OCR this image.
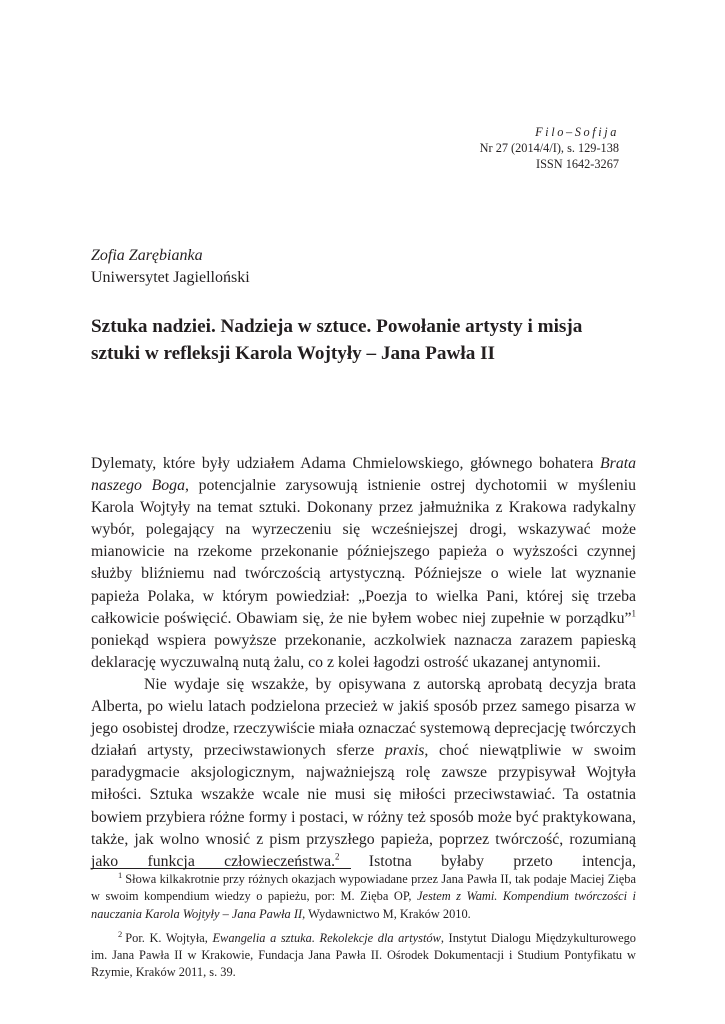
Filo–Sofija
Nr 27 (2014/4/I), s. 129-138
ISSN 1642-3267
Zofia Zarębianka
Uniwersytet Jagielloński
Sztuka nadziei. Nadzieja w sztuce. Powołanie artysty i misja
sztuki w refleksji Karola Wojtyły – Jana Pawła II

Dylematy, które były udziałem Adama Chmielowskiego, głównego bohatera Brata naszego Boga, potencjalnie zarysowują istnienie ostrej dychotomii w myśleniu Karola Wojtyły na temat sztuki. Dokonany przez jałmużnika z Krakowa radykalny wybór, polegający na wyrzeczeniu się wcześniejszej drogi, wskazywać może mianowicie na rzekome przekonanie późniejszego papieża o wyższości czynnej służby bliźniemu nad twórczością artystyczną. Późniejsze o wiele lat wyznanie papieża Polaka, w którym powiedział: „Poezja to wielka Pani, której się trzeba całkowicie poświęcić. Obawiam się, że nie byłem wobec niej zupełnie w porządku”$^1$ poniekąd wspiera powyższe przekonanie, aczkolwiek naznacza zarazem papieską deklarację wyczuwalną nutą żalu, co z kolei łagodzi ostrość ukazanej antynomii.

Nie wydaje się wszakże, by opisywana z autorską aprobatą decyzja brata Alberta, po wielu latach podzielona przecież w jakiś sposób przez samego pisarza w jego osobistej drodze, rzeczywiście miała oznaczać systemową deprecjację twórczych działań artysty, przeciwstawionych sferze praxis, choć niewątpliwie w swoim paradygmacie aksjologicznym, najważniejszą rolę zawsze przypisywał Wojtyła miłości. Sztuka wszakże wcale nie musi się miłości przeciwstawiać. Ta ostatnia bowiem przybiera różne formy i postaci, w różny też sposób może być praktykowana, także, jak wolno wnosić z pism przyszłego papieża, poprzez twórczość, rozumianą jako funkcja człowieczeństwa.$^2$ Istotna byłaby przeto intencja,

$^1$ Słowa kilkakrotnie przy różnych okazjach wypowiadane przez Jana Pawła II, tak podaje Maciej Zięba w swoim kompendium wiedzy o papieżu, por: M. Zięba OP, Jestem z Wami. Kompendium twórczości i nauczania Karola Wojtyły – Jana Pawła II, Wydawnictwo M, Kraków 2010.

$^2$ Por. K. Wojtyła, Ewangelia a sztuka. Rekolekcje dla artystów, Instytut Dialogu Międzykulturowego im. Jana Pawła II w Krakowie, Fundacja Jana Pawła II. Ośrodek Dokumentacji i Studium Pontyfikatu w Rzymie, Kraków 2011, s. 39.
